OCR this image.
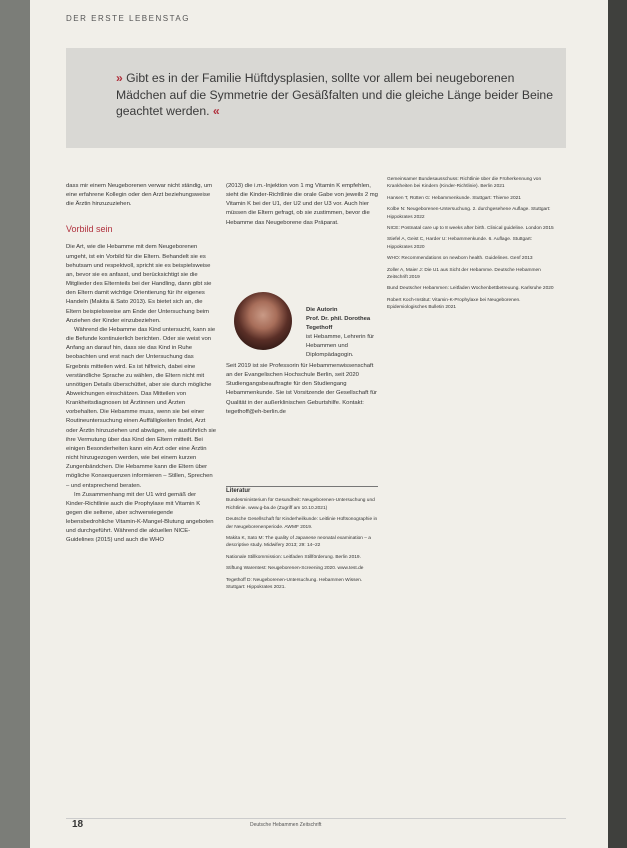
DER ERSTE LEBENSTAG
» Gibt es in der Familie Hüftdysplasien, sollte vor allem bei neugeborenen Mädchen auf die Symmetrie der Gesäßfalten und die gleiche Länge beider Beine geachtet werden. «

dass mir einem Neugeborenen verwar nicht ständig, um eine erfahrene Kollegin oder den Arzt beziehungsweise die Ärztin hinzuzuziehen.

Vorbild sein

Die Art, wie die Hebamme mit dem Neugeborenen umgeht, ist ein Vorbild für die Eltern. Behandelt sie es behutsam und respektvoll, spricht sie es beispielsweise an, bevor sie es anfasst, und berücksichtigt sie die Mitglieder des Elternteils bei der Handling, dann gibt sie den Eltern damit wichtige Orientierung für ihr eigenes Handeln (Makita & Sato 2013). Es bietet sich an, die Eltern beispielsweise am Ende der Untersuchung beim Anziehen der Kinder einzubeziehen.

Während die Hebamme das Kind untersucht, kann sie die Befunde kontinuierlich berichten. Oder sie weist von Anfang an darauf hin, dass sie das Kind in Ruhe beobachten und erst nach der Untersuchung das Ergebnis mitteilen wird. Es ist hilfreich, dabei eine verständliche Sprache zu wählen, die Eltern nicht mit unnötigen Details überschüttet, aber sie durch mögliche Abweichungen einschätzen. Das Mitteilen von Krankheitsdiagnosen ist Ärztinnen und Ärzten vorbehalten. Die Hebamme muss, wenn sie bei einer Routineuntersuchung einen Auffälligkeiten findet, Arzt oder Ärztin hinzuziehen und abwägen, wie ausführlich sie ihre Vermutung über das Kind den Eltern mitteilt. Bei einigen Besonderheiten kann ein Arzt oder eine Ärztin nicht hinzugezogen werden, wie bei einem kurzen Zungenbändchen. Die Hebamme kann die Eltern über mögliche Konsequenzen informieren – Stillen, Sprechen – und entsprechend beraten.

Im Zusammenhang mit der U1 wird gemäß der Kinder-Richtlinie auch die Prophylaxe mit Vitamin K gegen die seltene, aber schwerwiegende lebensbedrohliche Vitamin-K-Mangel-Blutung angeboten und durchgeführt. Während die aktuellen NICE-Guidelines (2015) und auch die WHO

(2013) die i.m.-Injektion von 1 mg Vitamin K empfehlen, sieht die Kinder-Richtlinie die orale Gabe von jeweils 2 mg Vitamin K bei der U1, der U2 und der U3 vor. Auch hier müssen die Eltern gefragt, ob sie zustimmen, bevor die Hebamme das Neugeborene das Präparat.

Die Autorin
Prof. Dr. phil. Dorothea Tegethoff
ist Hebamme, Lehrerin für Hebammen und Diplompädagogin.
Seit 2019 ist sie Professorin für Hebammenwissenschaft an der Evangelischen Hochschule Berlin, seit 2020 Studiengangsbeauftragte für den Studiengang Hebammenkunde. Sie ist Vorsitzende der Gesellschaft für Qualität in der außerklinischen Geburtshilfe. Kontakt: tegethoff@eh-berlin.de
Literatur

Bundesministerium für Gesundheit: Neugeborenen-Untersuchung und Richtlinie. www.g-ba.de (Zugriff am 10.10.2021)

Deutsche Gesellschaft für Kinderheilkunde: Leitlinie Hüftsonographie in der Neugeborenenperiode. AWMF 2019.

Makita K, Sato M: The quality of Japanese neonatal examination – a descriptive study. Midwifery 2013; 29: 14–22

Nationale Stillkommission: Leitfaden Stillförderung. Berlin 2019.

Stiftung Warentest: Neugeborenen-Screening 2020. www.test.de

Tegethoff D: Neugeborenen-Untersuchung. Hebammen Wissen. Stuttgart: Hippokrates 2021.

Gemeinsamer Bundesausschuss: Richtlinie über die Früherkennung von Krankheiten bei Kindern (Kinder-Richtlinie). Berlin 2021

Hansen T, Rütten G: Hebammenkunde. Stuttgart: Thieme 2021

Kolbe N: Neugeborenen-Untersuchung. 2. durchgesehene Auflage. Stuttgart: Hippokrates 2022

NICE: Postnatal care up to 8 weeks after birth. Clinical guideline. London 2015

Stiefel A, Geist C, Harder U: Hebammenkunde. 6. Auflage. Stuttgart: Hippokrates 2020

WHO: Recommendations on newborn health. Guidelines. Genf 2013

Zoller A, Maier J: Die U1 aus Sicht der Hebamme. Deutsche Hebammen Zeitschrift 2019

Bund Deutscher Hebammen: Leitfaden Wochenbettbetreuung. Karlsruhe 2020

Robert Koch-Institut: Vitamin-K-Prophylaxe bei Neugeborenen. Epidemiologisches Bulletin 2021

18	Deutsche Hebammen Zeitschrift
